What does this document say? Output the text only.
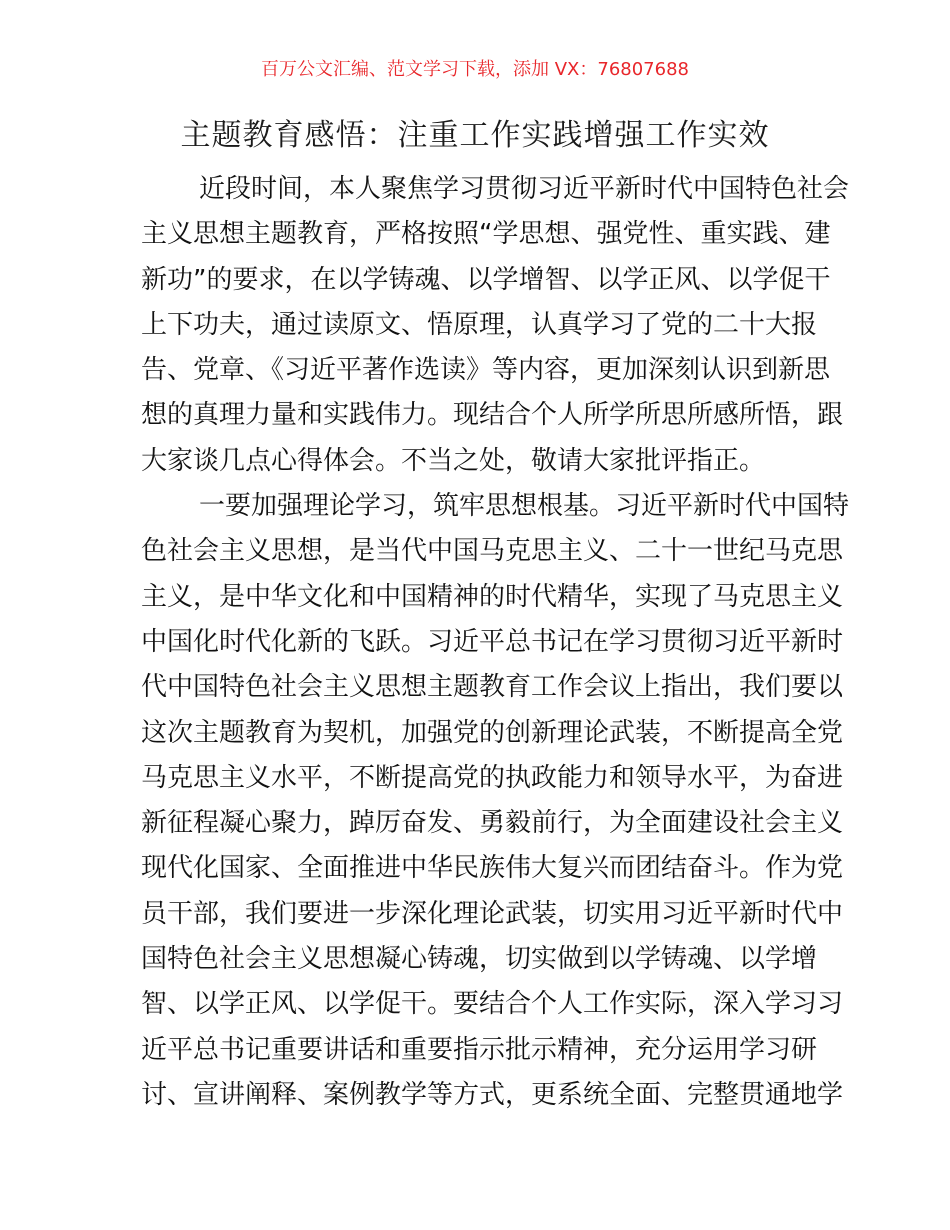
百万公文汇编、范文学习下载，添加 VX：76807688
主题教育感悟：注重工作实践增强工作实效
近段时间，本人聚焦学习贯彻习近平新时代中国特色社会
主义思想主题教育，严格按照“学思想、强党性、重实践、建
新功”的要求，在以学铸魂、以学增智、以学正风、以学促干
上下功夫，通过读原文、悟原理，认真学习了党的二十大报
告、党章、《习近平著作选读》等内容，更加深刻认识到新思
想的真理力量和实践伟力。现结合个人所学所思所感所悟，跟
大家谈几点心得体会。不当之处，敬请大家批评指正。
一要加强理论学习，筑牢思想根基。习近平新时代中国特
色社会主义思想，是当代中国马克思主义、二十一世纪马克思
主义，是中华文化和中国精神的时代精华，实现了马克思主义
中国化时代化新的飞跃。习近平总书记在学习贯彻习近平新时
代中国特色社会主义思想主题教育工作会议上指出，我们要以
这次主题教育为契机，加强党的创新理论武装，不断提高全党
马克思主义水平，不断提高党的执政能力和领导水平，为奋进
新征程凝心聚力，踔厉奋发、勇毅前行，为全面建设社会主义
现代化国家、全面推进中华民族伟大复兴而团结奋斗。作为党
员干部，我们要进一步深化理论武装，切实用习近平新时代中
国特色社会主义思想凝心铸魂，切实做到以学铸魂、以学增
智、以学正风、以学促干。要结合个人工作实际，深入学习习
近平总书记重要讲话和重要指示批示精神，充分运用学习研
讨、宣讲阐释、案例教学等方式，更系统全面、完整贯通地学
